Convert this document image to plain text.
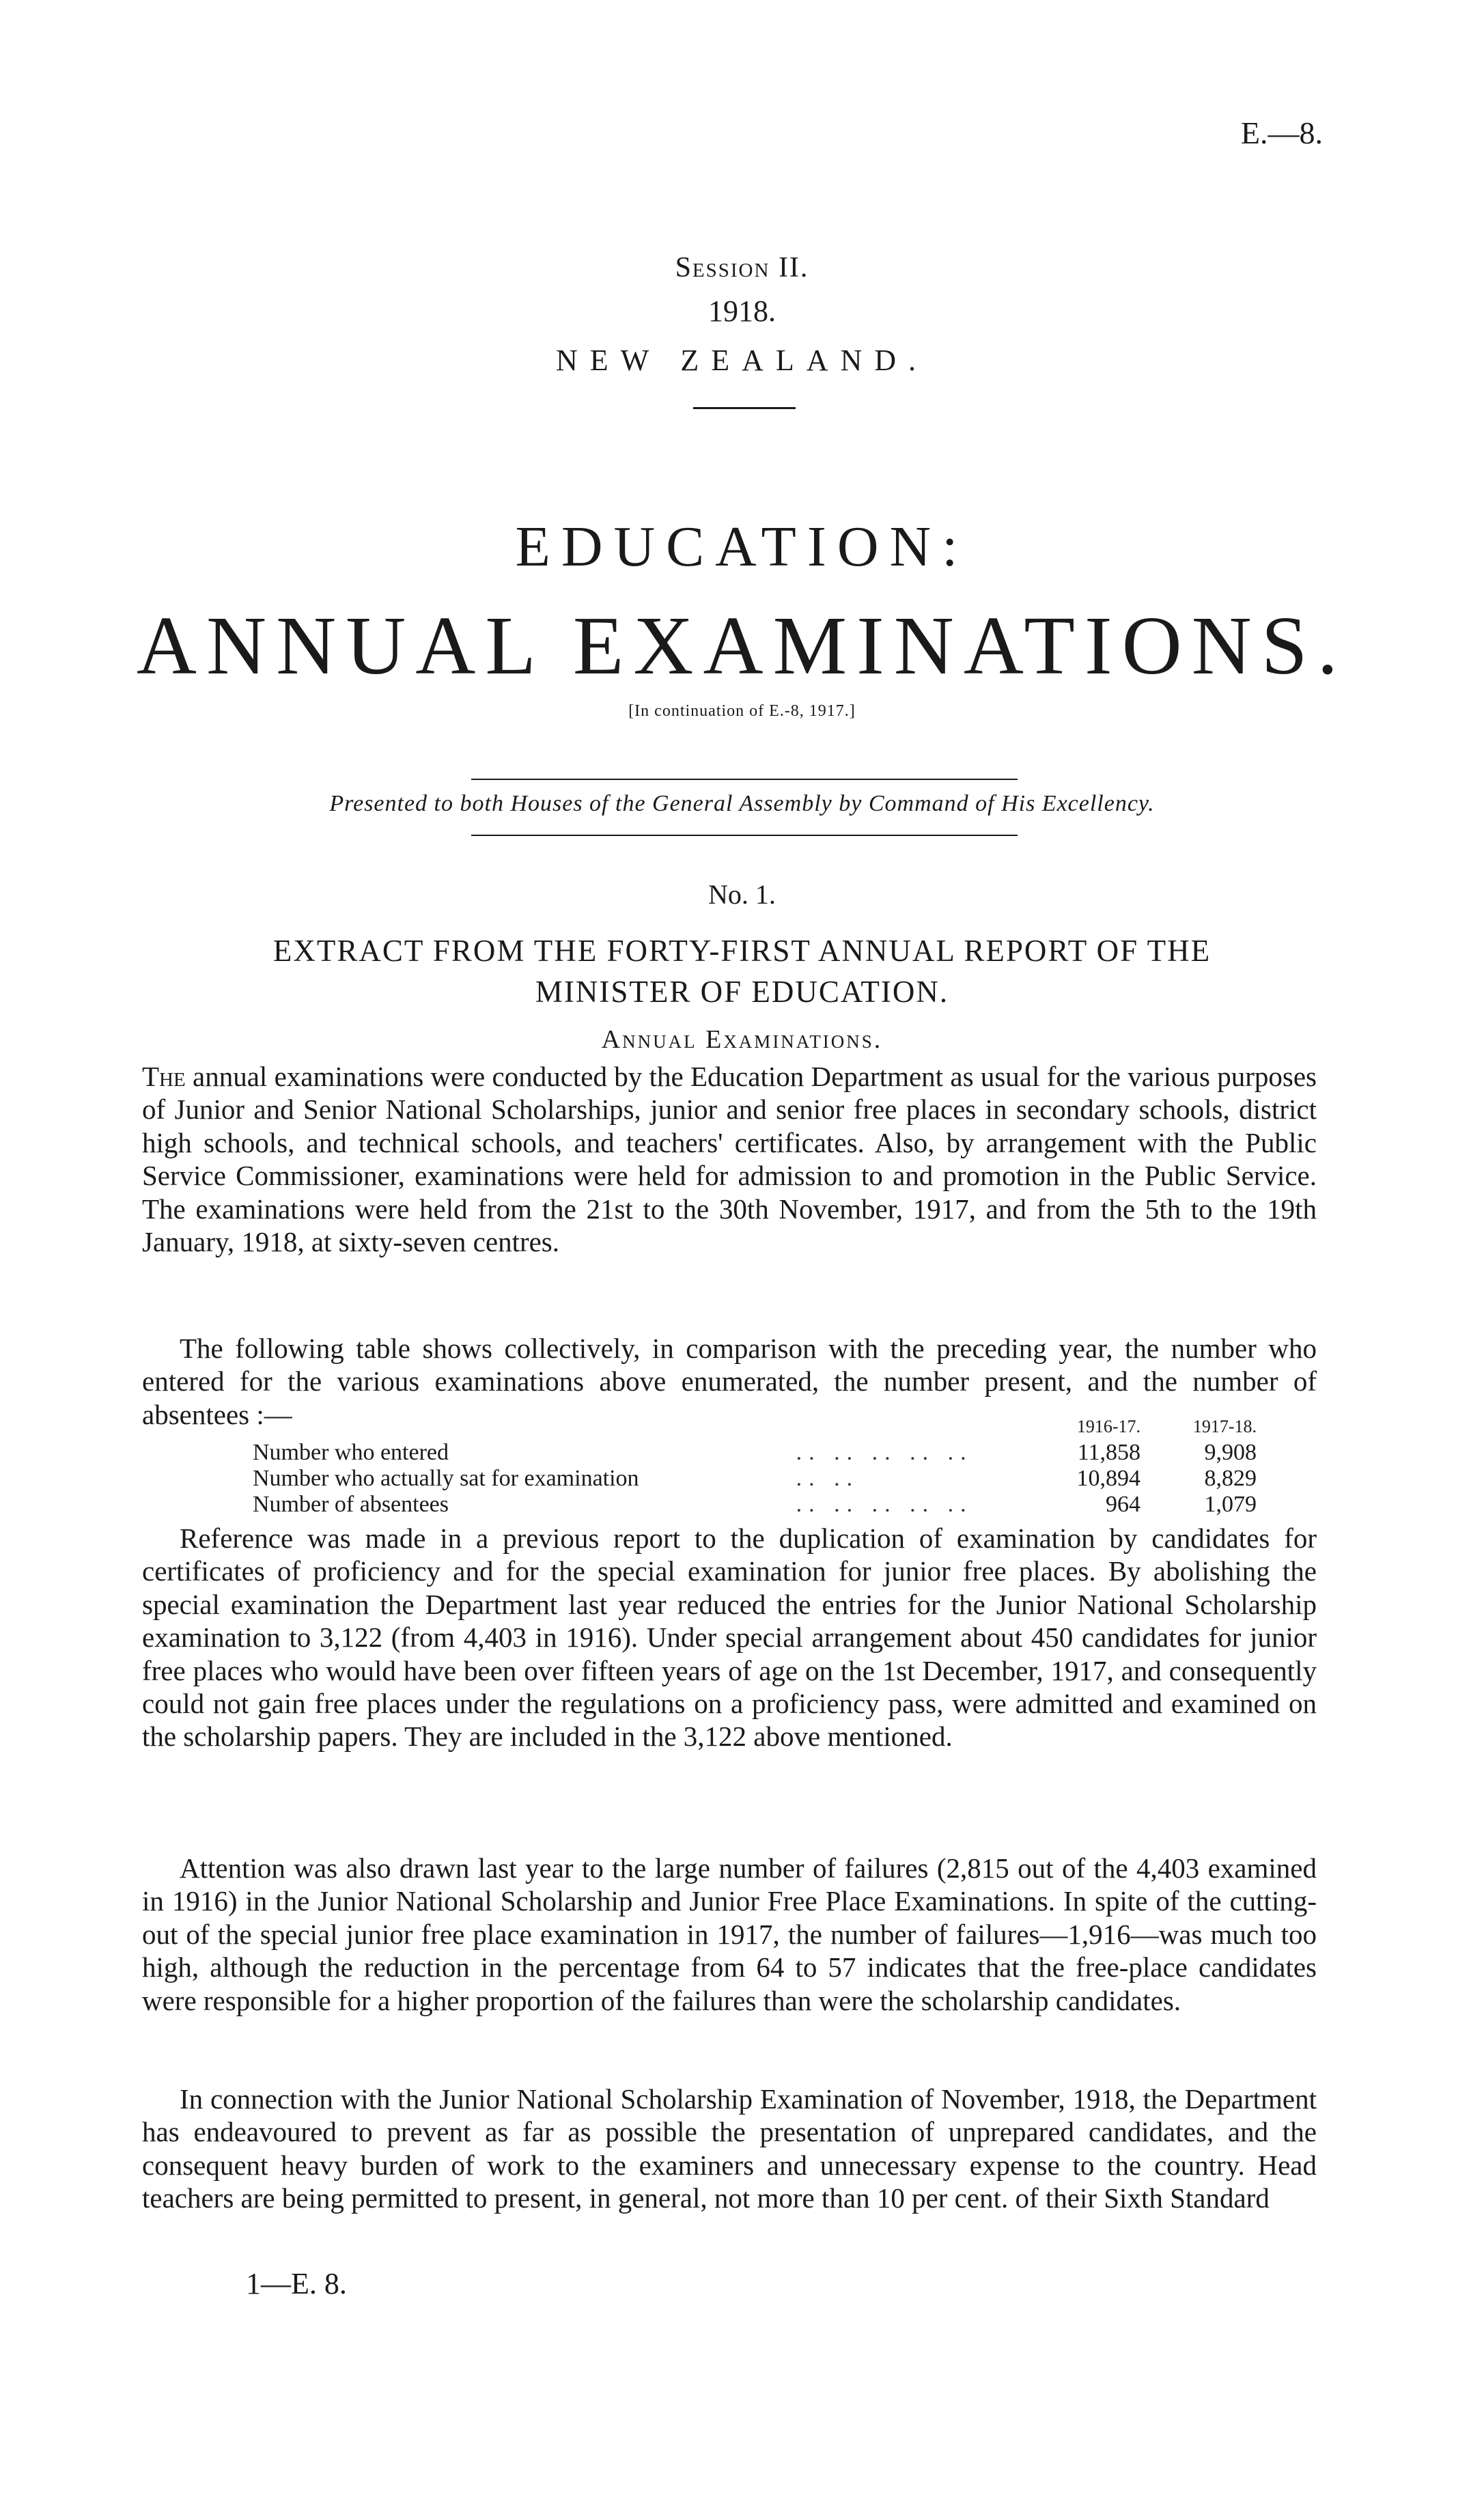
E.—8.
Session II.
1918.
NEW ZEALAND.
EDUCATION:
ANNUAL EXAMINATIONS.
[In continuation of E.-8, 1917.]
Presented to both Houses of the General Assembly by Command of His Excellency.
No. 1.
EXTRACT FROM THE FORTY-FIRST ANNUAL REPORT OF THE
MINISTER OF EDUCATION.
Annual Examinations.

The annual examinations were conducted by the Education Department as usual for the various purposes of Junior and Senior National Scholarships, junior and senior free places in secondary schools, district high schools, and technical schools, and teachers' certificates. Also, by arrangement with the Public Service Commissioner, examinations were held for admission to and promotion in the Public Service. The examinations were held from the 21st to the 30th November, 1917, and from the 5th to the 19th January, 1918, at sixty-seven centres.

The following table shows collectively, in comparison with the preceding year, the number who entered for the various examinations above enumerated, the number present, and the number of absentees :—

			1916-17.	1917-18.
Number who entered	.. .. .. .. ..	11,858	9,908
Number who actually sat for examination	.. ..	10,894	8,829
Number of absentees	.. .. .. .. ..	964	1,079

Reference was made in a previous report to the duplication of examination by candidates for certificates of proficiency and for the special examination for junior free places. By abolishing the special examination the Department last year reduced the entries for the Junior National Scholarship examination to 3,122 (from 4,403 in 1916). Under special arrangement about 450 candidates for junior free places who would have been over fifteen years of age on the 1st December, 1917, and consequently could not gain free places under the regulations on a proficiency pass, were admitted and examined on the scholarship papers. They are included in the 3,122 above mentioned.

Attention was also drawn last year to the large number of failures (2,815 out of the 4,403 examined in 1916) in the Junior National Scholarship and Junior Free Place Examinations. In spite of the cutting-out of the special junior free place examination in 1917, the number of failures—1,916—was much too high, although the reduction in the percentage from 64 to 57 indicates that the free-place candidates were responsible for a higher proportion of the failures than were the scholarship candidates.

In connection with the Junior National Scholarship Examination of November, 1918, the Department has endeavoured to prevent as far as possible the presentation of unprepared candidates, and the consequent heavy burden of work to the examiners and unnecessary expense to the country. Head teachers are being permitted to present, in general, not more than 10 per cent. of their Sixth Standard

1—E. 8.
